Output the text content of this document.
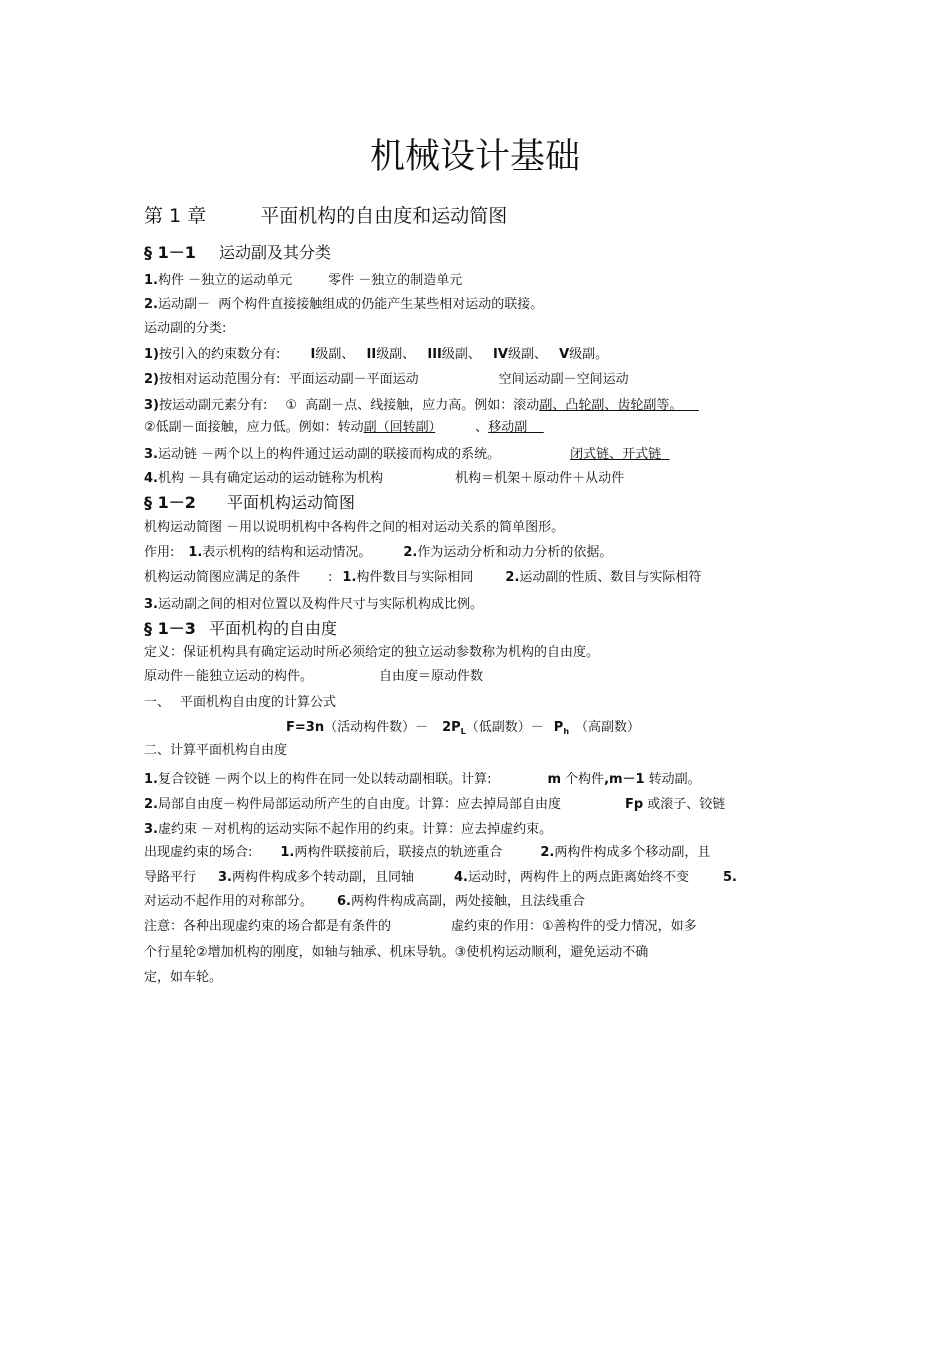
机械设计基础
第 1 章	平面机构的自由度和运动简图
§ 1－1 运动副及其分类
1.构件 －独立的运动单元	零件 －独立的制造单元
2.运动副－  两个构件直接接触组成的仍能产生某些相对运动的联接。
运动副的分类:
1)按引入的约束数分有: I级副、 II级副、 III级副、 IV级副、 V级副。
2)按相对运动范围分有:  平面运动副－平面运动	空间运动副－空间运动
3)按运动副元素分有: ①  高副－点、线接触，应力高。例如：滚动副、凸轮副、齿轮副等。
②低副－面接触，应力低。例如：转动副（回转副）	、移动副
3.运动链 －两个以上的构件通过运动副的联接而构成的系统。	闭式链、开式链
4.机构 －具有确定运动的运动链称为机构	机构＝机架＋原动件＋从动件
§ 1－2 平面机构运动简图
机构运动简图 －用以说明机构中各构件之间的相对运动关系的简单图形。
作用: 1.表示机构的结构和运动情况。 2.作为运动分析和动力分析的依据。
机构运动简图应满足的条件 : 1.构件数目与实际相同 2.运动副的性质、数目与实际相符
3.运动副之间的相对位置以及构件尺寸与实际机构成比例。
§ 1－3 平面机构的自由度
定义：保证机构具有确定运动时所必须给定的独立运动参数称为机构的自由度。
原动件－能独立运动的构件。	自由度＝原动件数
一、 平面机构自由度的计算公式
F=3n（活动构件数）－ $2P_L$（低副数）－ $P_h$ （高副数）
二、计算平面机构自由度
1.复合铰链 －两个以上的构件在同一处以转动副相联。计算:	m 个构件,m－1 转动副。
2.局部自由度－构件局部运动所产生的自由度。计算：应去掉局部自由度	Fp 或滚子、铰链
3.虚约束 －对机构的运动实际不起作用的约束。计算：应去掉虚约束。
出现虚约束的场合: 1.两构件联接前后，联接点的轨迹重合	2.两构件构成多个移动副，且
导路平行 3.两构件构成多个转动副，且同轴	4.运动时，两构件上的两点距离始终不变	5.
对运动不起作用的对称部分。 6.两构件构成高副，两处接触，且法线重合
注意：各种出现虚约束的场合都是有条件的	虚约束的作用：①善构件的受力情况，如多
个行星轮②增加机构的刚度，如轴与轴承、机床导轨。③使机构运动顺利，避免运动不确
定，如车轮。
